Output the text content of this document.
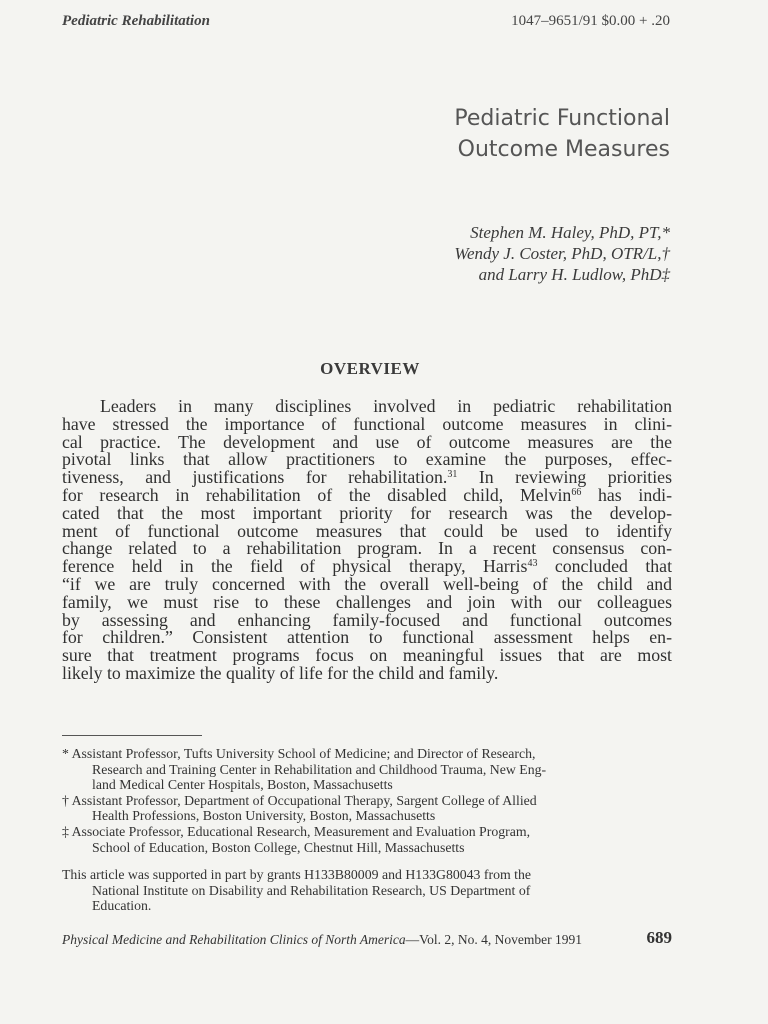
Pediatric Rehabilitation	1047–9651/91 $0.00 + .20
Pediatric Functional
Outcome Measures
Stephen M. Haley, PhD, PT,*
Wendy J. Coster, PhD, OTR/L,†
and Larry H. Ludlow, PhD‡
OVERVIEW
Leaders in many disciplines involved in pediatric rehabilitation
have stressed the importance of functional outcome measures in clini-
cal practice. The development and use of outcome measures are the
pivotal links that allow practitioners to examine the purposes, effec-
tiveness, and justifications for rehabilitation.$^{31}$ In reviewing priorities
for research in rehabilitation of the disabled child, Melvin$^{66}$ has indi-
cated that the most important priority for research was the develop-
ment of functional outcome measures that could be used to identify
change related to a rehabilitation program. In a recent consensus con-
ference held in the field of physical therapy, Harris$^{43}$ concluded that
“if we are truly concerned with the overall well-being of the child and
family, we must rise to these challenges and join with our colleagues
by assessing and enhancing family-focused and functional outcomes
for children.” Consistent attention to functional assessment helps en-
sure that treatment programs focus on meaningful issues that are most
likely to maximize the quality of life for the child and family.
* Assistant Professor, Tufts University School of Medicine; and Director of Research,
Research and Training Center in Rehabilitation and Childhood Trauma, New Eng-
land Medical Center Hospitals, Boston, Massachusetts
† Assistant Professor, Department of Occupational Therapy, Sargent College of Allied
Health Professions, Boston University, Boston, Massachusetts
‡ Associate Professor, Educational Research, Measurement and Evaluation Program,
School of Education, Boston College, Chestnut Hill, Massachusetts
This article was supported in part by grants H133B80009 and H133G80043 from the
National Institute on Disability and Rehabilitation Research, US Department of
Education.
Physical Medicine and Rehabilitation Clinics of North America—Vol. 2, No. 4, November 1991	689
